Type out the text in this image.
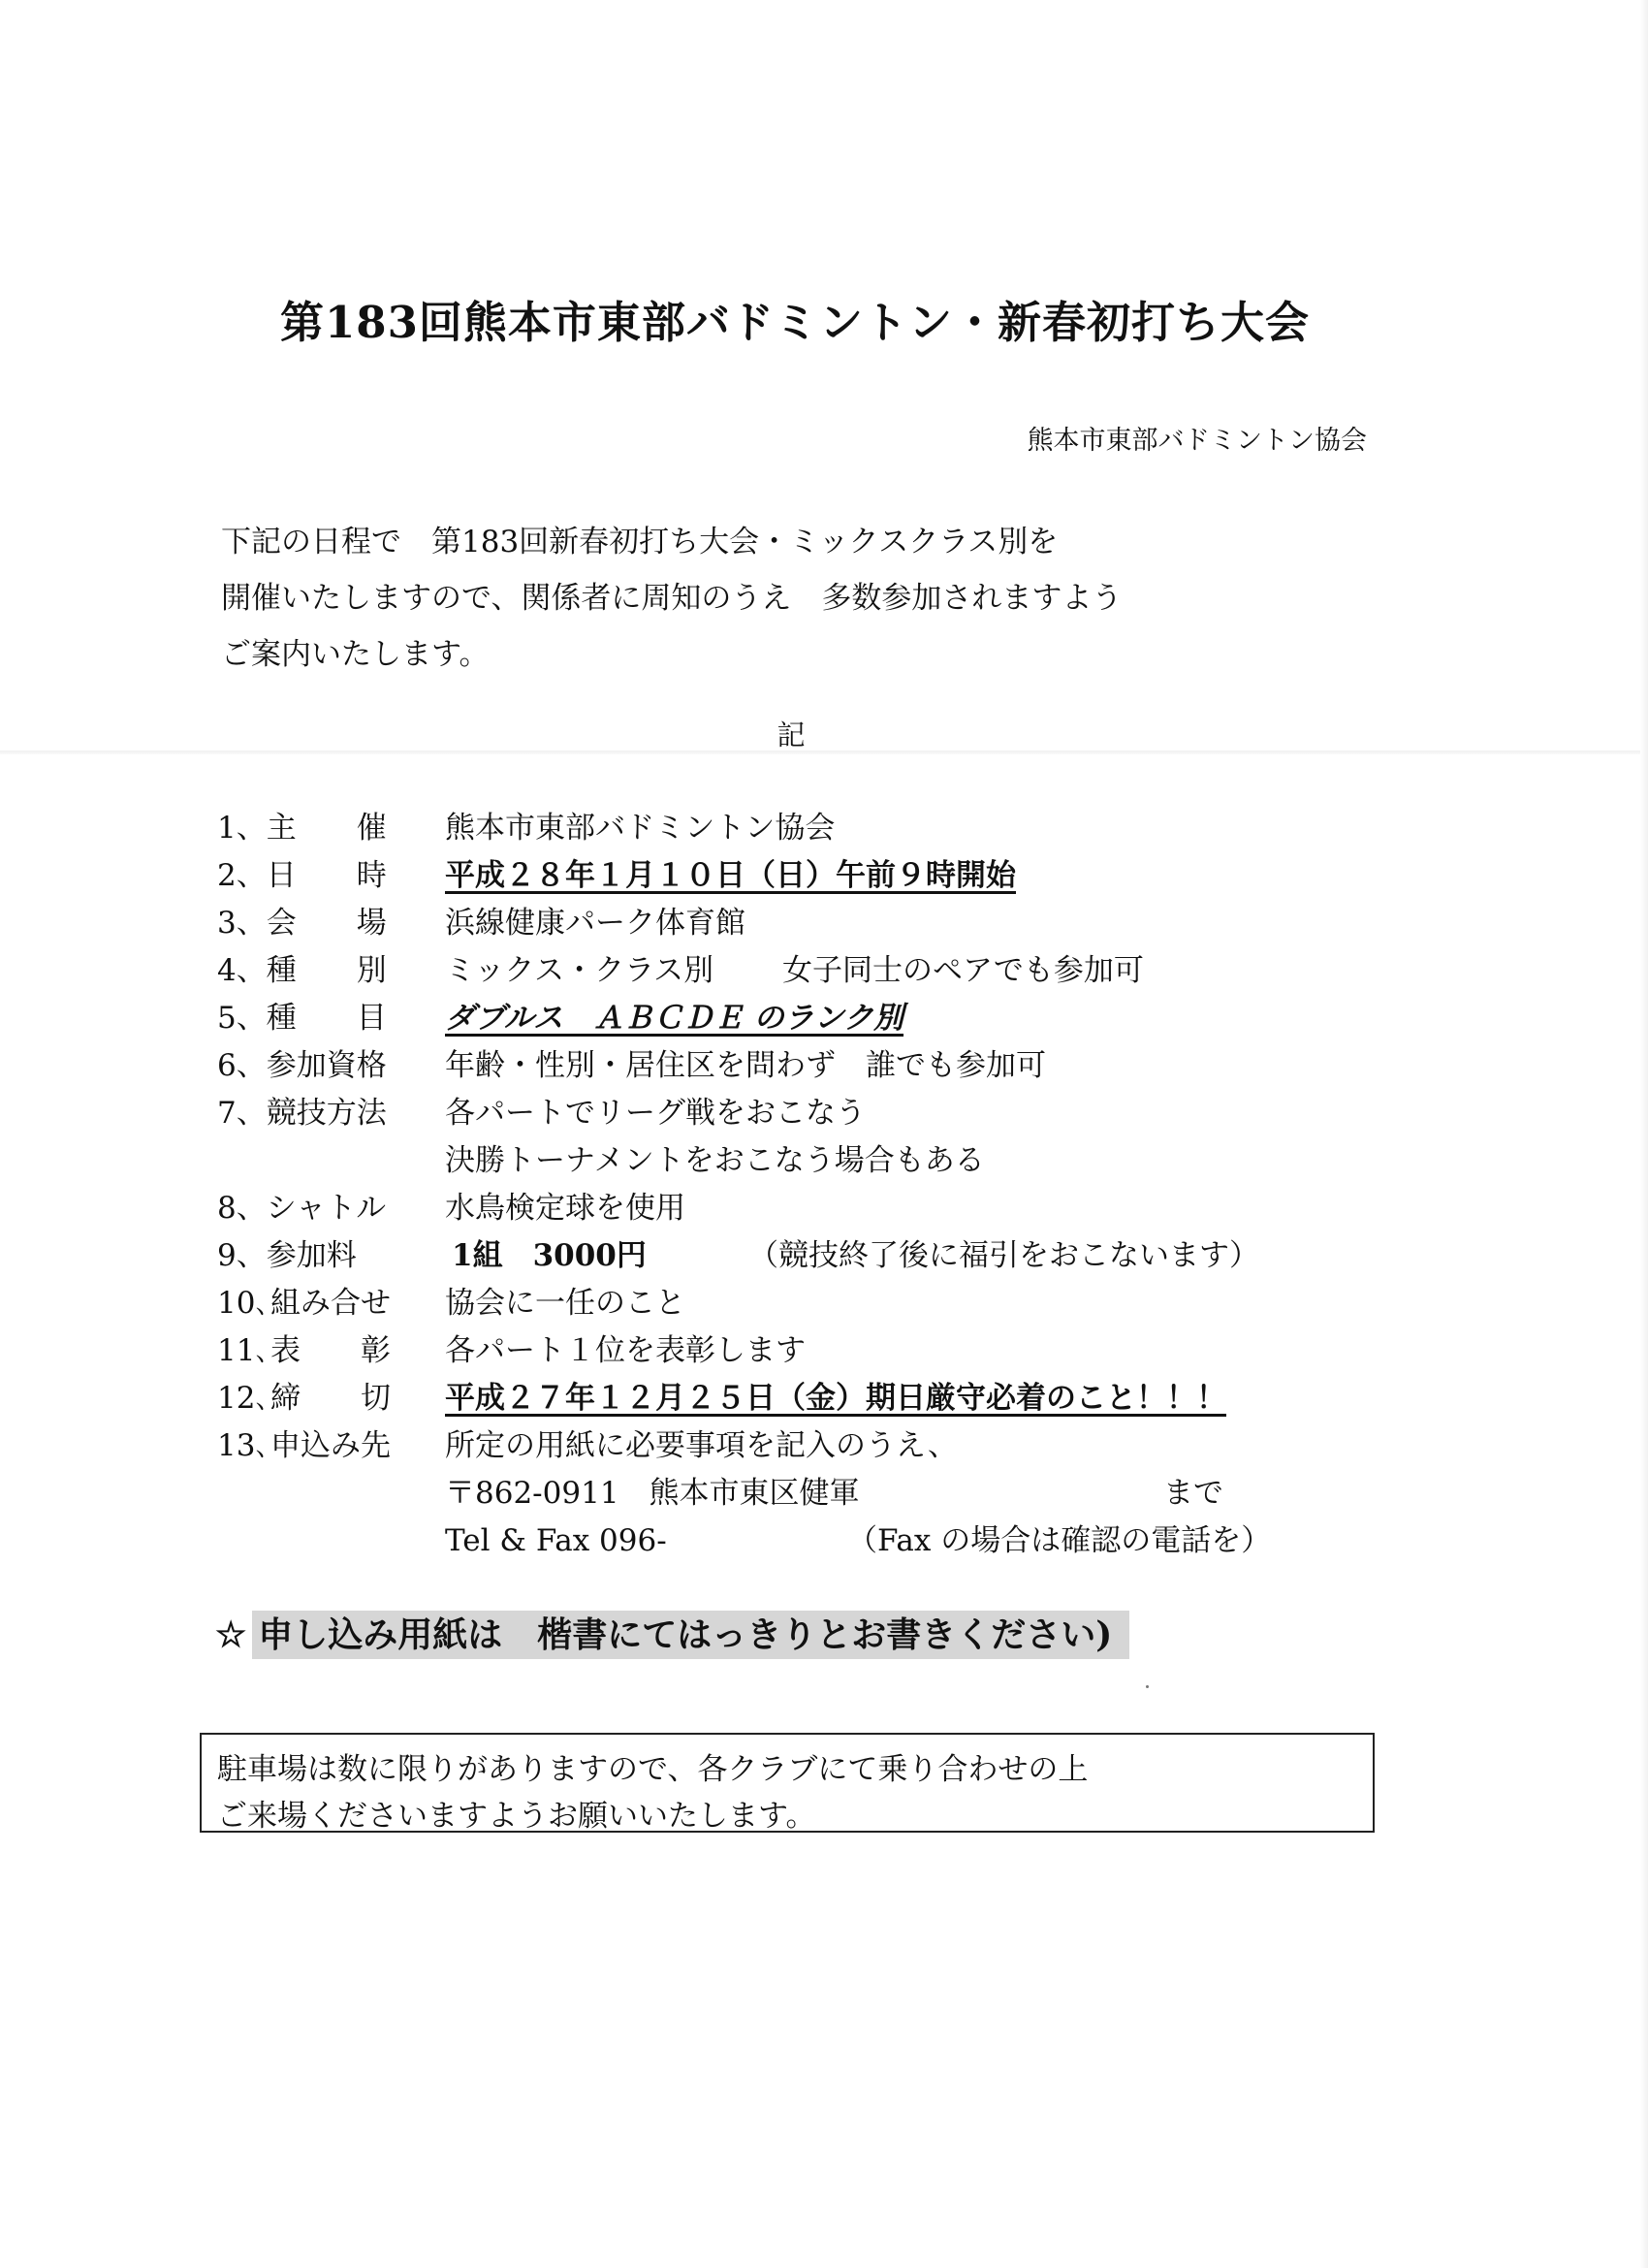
第183回熊本市東部バドミントン・新春初打ち大会
熊本市東部バドミントン協会
下記の日程で　第183回新春初打ち大会・ミックスクラス別を
開催いたしますので、関係者に周知のうえ　多数参加されますよう
ご案内いたします。
記
1、主　　催	熊本市東部バドミントン協会
2、日　　時	平成２８年１月１０日（日）午前９時開始
3、会　　場	浜線健康パーク体育館
4、種　　別	ミックス・クラス別 女子同士のペアでも参加可
5、種　　目	ダブルス　ＡＢＣＤＥ のランク別
6、参加資格	年齢・性別・居住区を問わず　誰でも参加可
7、競技方法	各パートでリーグ戦をおこなう
決勝トーナメントをおこなう場合もある
8、シャトル	水鳥検定球を使用
9、参加料	1組　3000円	（競技終了後に福引をおこないます）
10､組み合せ	協会に一任のこと
11､表　　彰	各パート１位を表彰します
12､締　　切	平成２７年１２月２５日（金）期日厳守必着のこと！！！
13､申込み先	所定の用紙に必要事項を記入のうえ、
〒862-0911　熊本市東区健軍	まで
Tel & Fax 096-	（Fax の場合は確認の電話を）
☆ 申し込み用紙は　楷書にてはっきりとお書きください)
駐車場は数に限りがありますので、各クラブにて乗り合わせの上
ご来場くださいますようお願いいたします。
